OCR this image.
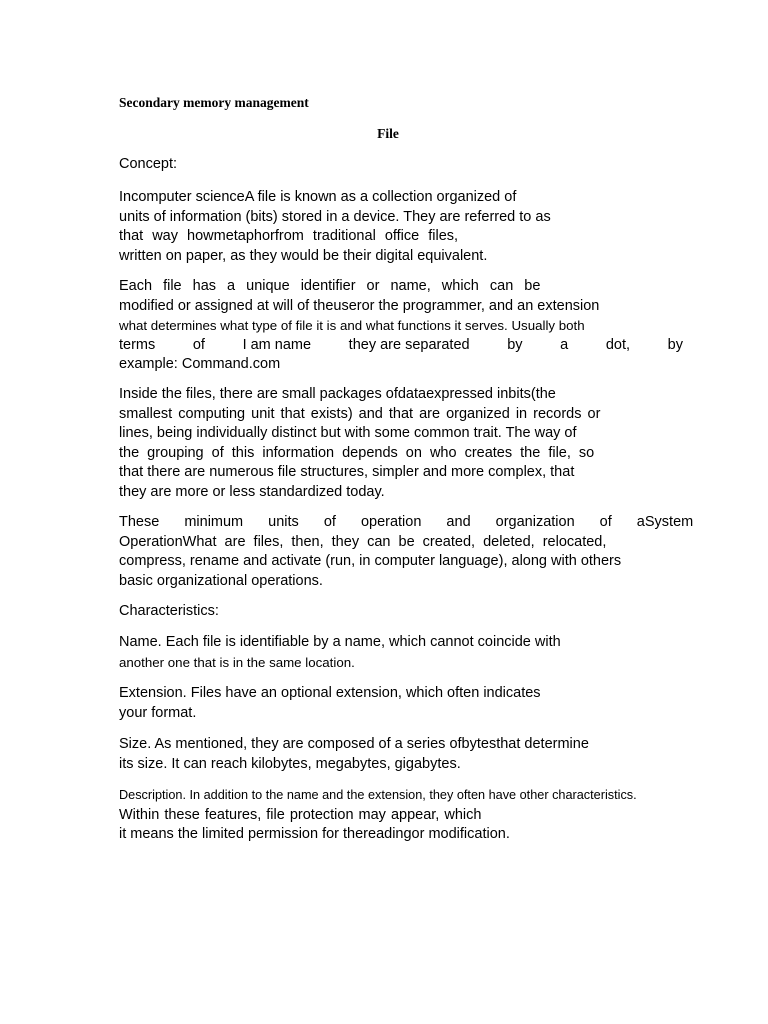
Secondary memory management
File

Concept:

Incomputer scienceA file is known as a collection organized of
units of information (bits) stored in a device. They are referred to as
that way howmetaphorfrom traditional office files,
written on paper, as they would be their digital equivalent.

Each file has a unique identifier or name, which can be
modified or assigned at will of theuseror the programmer, and an extension
what determines what type of file it is and what functions it serves. Usually both
terms	of	I am name	they are separated	by	a	dot,	by
example: Command.com

Inside the files, there are small packages ofdataexpressed inbits(the
smallest computing unit that exists) and that are organized in records or
lines, being individually distinct but with some common trait. The way of
the grouping of this information depends on who creates the file, so
that there are numerous file structures, simpler and more complex, that
they are more or less standardized today.

These minimum units of operation and organization of aSystem
OperationWhat are files, then, they can be created, deleted, relocated,
compress, rename and activate (run, in computer language), along with others
basic organizational operations.

Characteristics:

Name. Each file is identifiable by a name, which cannot coincide with
another one that is in the same location.

Extension. Files have an optional extension, which often indicates
your format.

Size. As mentioned, they are composed of a series ofbytesthat determine
its size. It can reach kilobytes, megabytes, gigabytes.

Description. In addition to the name and the extension, they often have other characteristics.
Within these features, file protection may appear, which
it means the limited permission for thereadingor modification.
